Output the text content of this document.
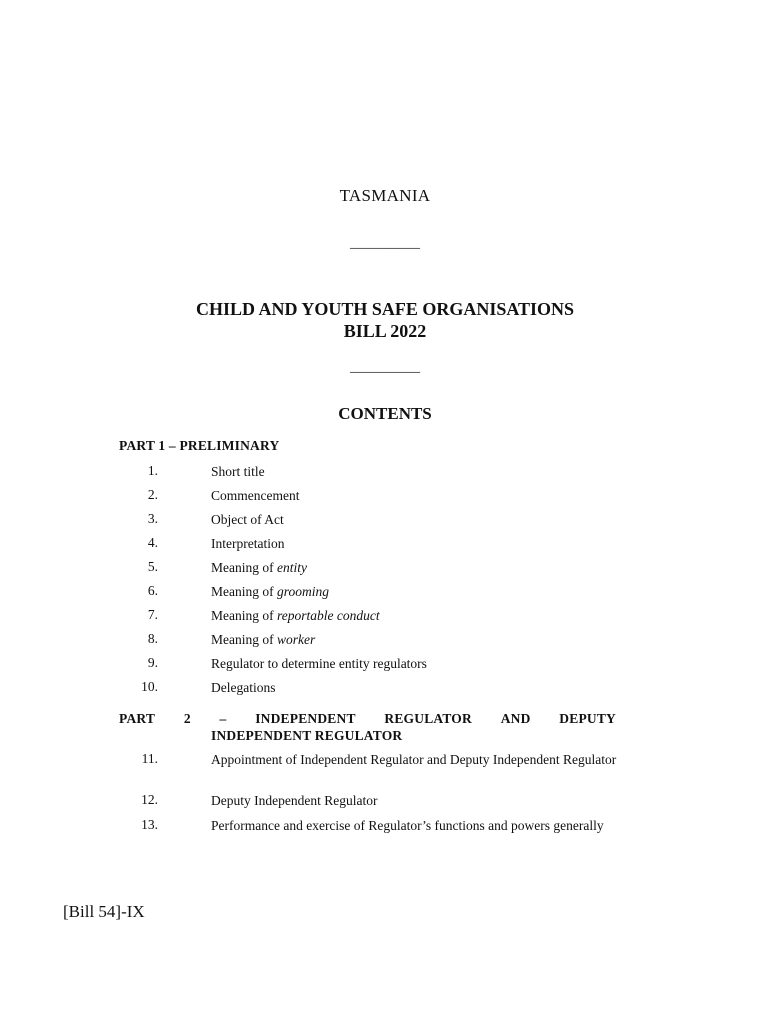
TASMANIA
__________
CHILD AND YOUTH SAFE ORGANISATIONS
BILL 2022
__________
CONTENTS
PART 1 – PRELIMINARY
1.	Short title
2.	Commencement
3.	Object of Act
4.	Interpretation
5.	Meaning of entity
6.	Meaning of grooming
7.	Meaning of reportable conduct
8.	Meaning of worker
9.	Regulator to determine entity regulators
10.	Delegations
PART 2 – INDEPENDENT REGULATOR AND DEPUTY
INDEPENDENT REGULATOR
11.	Appointment of Independent Regulator and Deputy Independent Regulator
12.	Deputy Independent Regulator
13.	Performance and exercise of Regulator’s functions and powers generally
[Bill 54]-IX
